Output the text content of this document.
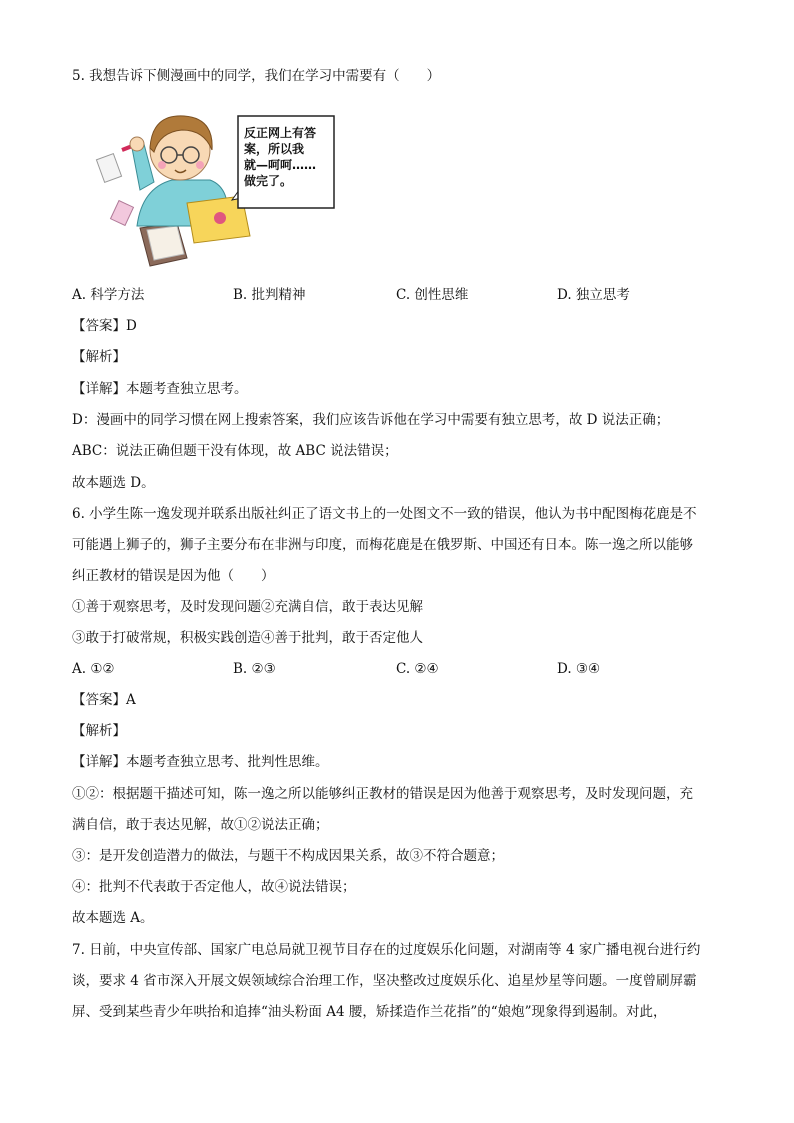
5. 我想告诉下侧漫画中的同学，我们在学习中需要有（　　）
反正网上有答
案，所以我
就—呵呵……
做完了。
A. 科学方法	B. 批判精神	C. 创性思维	D. 独立思考
【答案】D
【解析】
【详解】本题考查独立思考。
D：漫画中的同学习惯在网上搜索答案，我们应该告诉他在学习中需要有独立思考，故 D 说法正确；
ABC：说法正确但题干没有体现，故 ABC 说法错误；
故本题选 D。
6. 小学生陈一逸发现并联系出版社纠正了语文书上的一处图文不一致的错误，他认为书中配图梅花鹿是不
可能遇上狮子的，狮子主要分布在非洲与印度，而梅花鹿是在俄罗斯、中国还有日本。陈一逸之所以能够
纠正教材的错误是因为他（　　）
①善于观察思考，及时发现问题②充满自信，敢于表达见解
③敢于打破常规，积极实践创造④善于批判，敢于否定他人
A. ①②	B. ②③	C. ②④	D. ③④
【答案】A
【解析】
【详解】本题考查独立思考、批判性思维。
①②：根据题干描述可知，陈一逸之所以能够纠正教材的错误是因为他善于观察思考，及时发现问题，充
满自信，敢于表达见解，故①②说法正确；
③：是开发创造潜力的做法，与题干不构成因果关系，故③不符合题意；
④：批判不代表敢于否定他人，故④说法错误；
故本题选 A。
7. 日前，中央宣传部、国家广电总局就卫视节目存在的过度娱乐化问题，对湖南等 4 家广播电视台进行约
谈，要求 4 省市深入开展文娱领域综合治理工作，坚决整改过度娱乐化、追星炒星等问题。一度曾刷屏霸
屏、受到某些青少年哄抬和追捧“油头粉面 A4 腰，矫揉造作兰花指”的“娘炮”现象得到遏制。对此，
